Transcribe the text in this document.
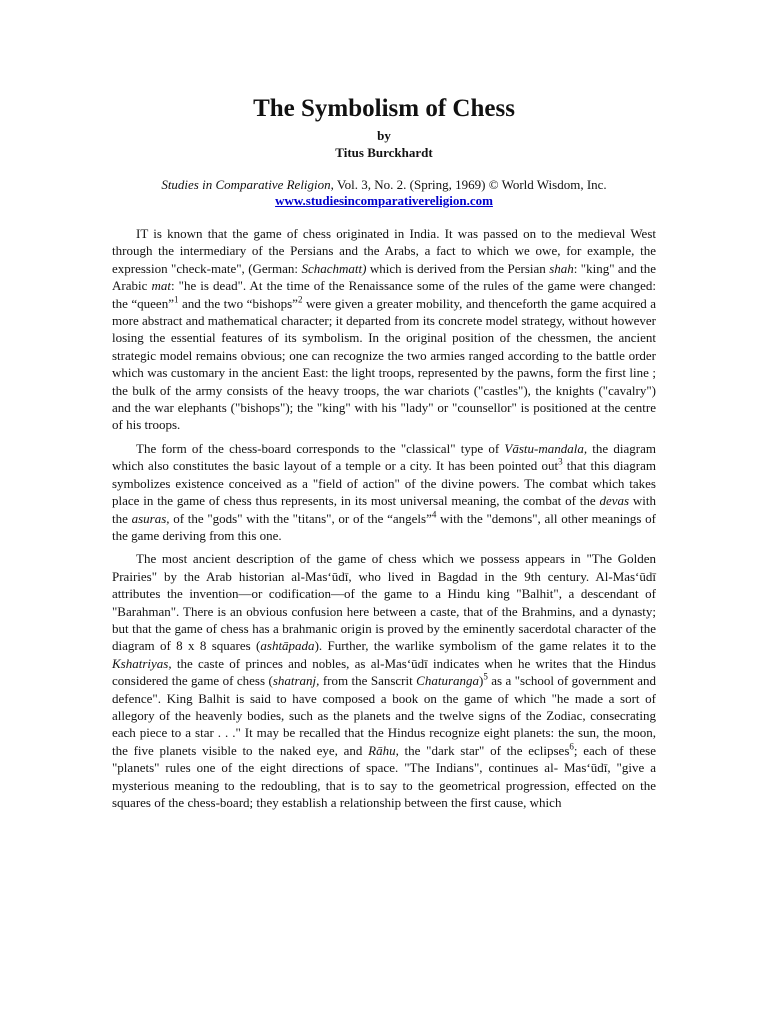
The Symbolism of Chess
by
Titus Burckhardt
Studies in Comparative Religion, Vol. 3, No. 2. (Spring, 1969) © World Wisdom, Inc.
www.studiesincomparativereligion.com

IT is known that the game of chess originated in India. It was passed on to the medieval West through the intermediary of the Persians and the Arabs, a fact to which we owe, for example, the expression "check-mate", (German: Schachmatt) which is derived from the Persian shah: "king" and the Arabic mat: "he is dead". At the time of the Renaissance some of the rules of the game were changed: the “queen”$^1$ and the two “bishops”$^2$ were given a greater mobility, and thenceforth the game acquired a more abstract and mathematical character; it departed from its concrete model strategy, without however losing the essential features of its symbolism. In the original position of the chessmen, the ancient strategic model remains obvious; one can recognize the two armies ranged according to the battle order which was customary in the ancient East: the light troops, represented by the pawns, form the first line ; the bulk of the army consists of the heavy troops, the war chariots ("castles"), the knights ("cavalry") and the war elephants ("bishops"); the "king" with his "lady" or "counsellor" is positioned at the centre of his troops.

The form of the chess-board corresponds to the "classical" type of Vāstu-mandala, the diagram which also constitutes the basic layout of a temple or a city. It has been pointed out$^3$ that this diagram symbolizes existence conceived as a "field of action" of the divine powers. The combat which takes place in the game of chess thus represents, in its most universal meaning, the combat of the devas with the asuras, of the "gods" with the "titans", or of the “angels”$^4$ with the "demons", all other meanings of the game deriving from this one.

The most ancient description of the game of chess which we possess appears in "The Golden Prairies" by the Arab historian al-Mas‘ūdī, who lived in Bagdad in the 9th century. Al-Mas‘ūdī attributes the invention—or codification—of the game to a Hindu king "Balhit", a descendant of "Barahman". There is an obvious confusion here between a caste, that of the Brahmins, and a dynasty; but that the game of chess has a brahmanic origin is proved by the eminently sacerdotal character of the diagram of 8 x 8 squares (ashtāpada). Further, the warlike symbolism of the game relates it to the Kshatriyas, the caste of princes and nobles, as al-Mas‘ūdī indicates when he writes that the Hindus considered the game of chess (shatranj, from the Sanscrit Chaturanga)$^5$ as a "school of government and defence". King Balhit is said to have composed a book on the game of which "he made a sort of allegory of the heavenly bodies, such as the planets and the twelve signs of the Zodiac, consecrating each piece to a star . . ." It may be recalled that the Hindus recognize eight planets: the sun, the moon, the five planets visible to the naked eye, and Rāhu, the "dark star" of the eclipses$^6$; each of these "planets" rules one of the eight directions of space. "The Indians", continues al- Mas‘ūdī, "give a mysterious meaning to the redoubling, that is to say to the geometrical progression, effected on the squares of the chess-board; they establish a relationship between the first cause, which
